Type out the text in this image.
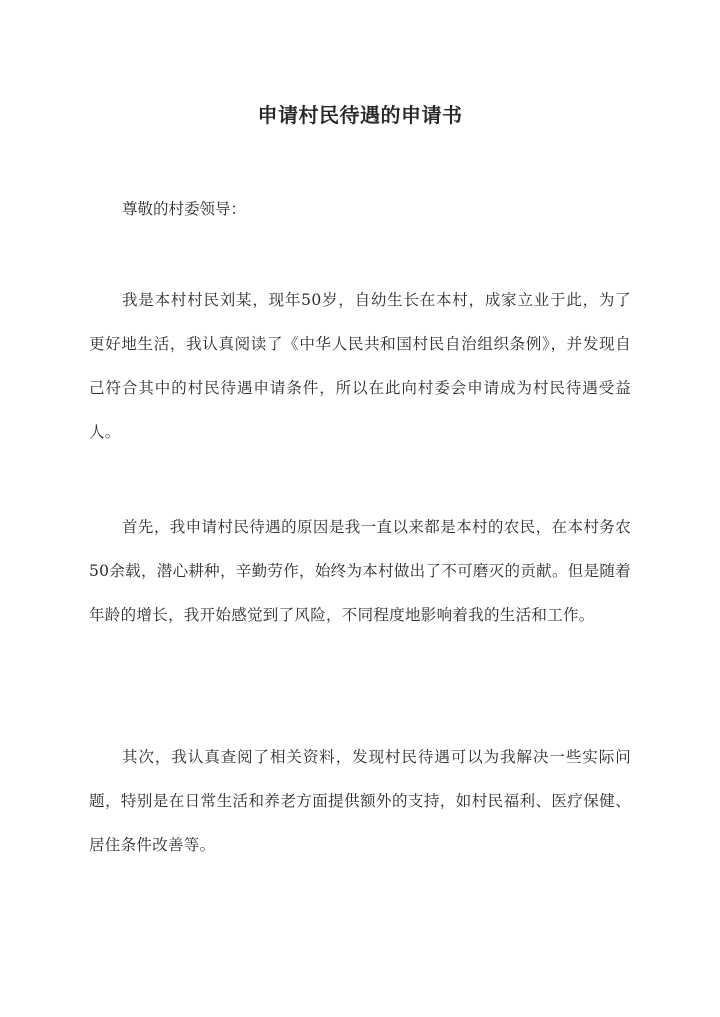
申请村民待遇的申请书
尊敬的村委领导：

我是本村村民刘某，现年50岁，自幼生长在本村，成家立业于此，为了更好地生活，我认真阅读了《中华人民共和国村民自治组织条例》，并发现自己符合其中的村民待遇申请条件，所以在此向村委会申请成为村民待遇受益人。

首先，我申请村民待遇的原因是我一直以来都是本村的农民，在本村务农50余载，潜心耕种，辛勤劳作，始终为本村做出了不可磨灭的贡献。但是随着年龄的增长，我开始感觉到了风险，不同程度地影响着我的生活和工作。

其次，我认真查阅了相关资料，发现村民待遇可以为我解决一些实际问题，特别是在日常生活和养老方面提供额外的支持，如村民福利、医疗保健、居住条件改善等。
